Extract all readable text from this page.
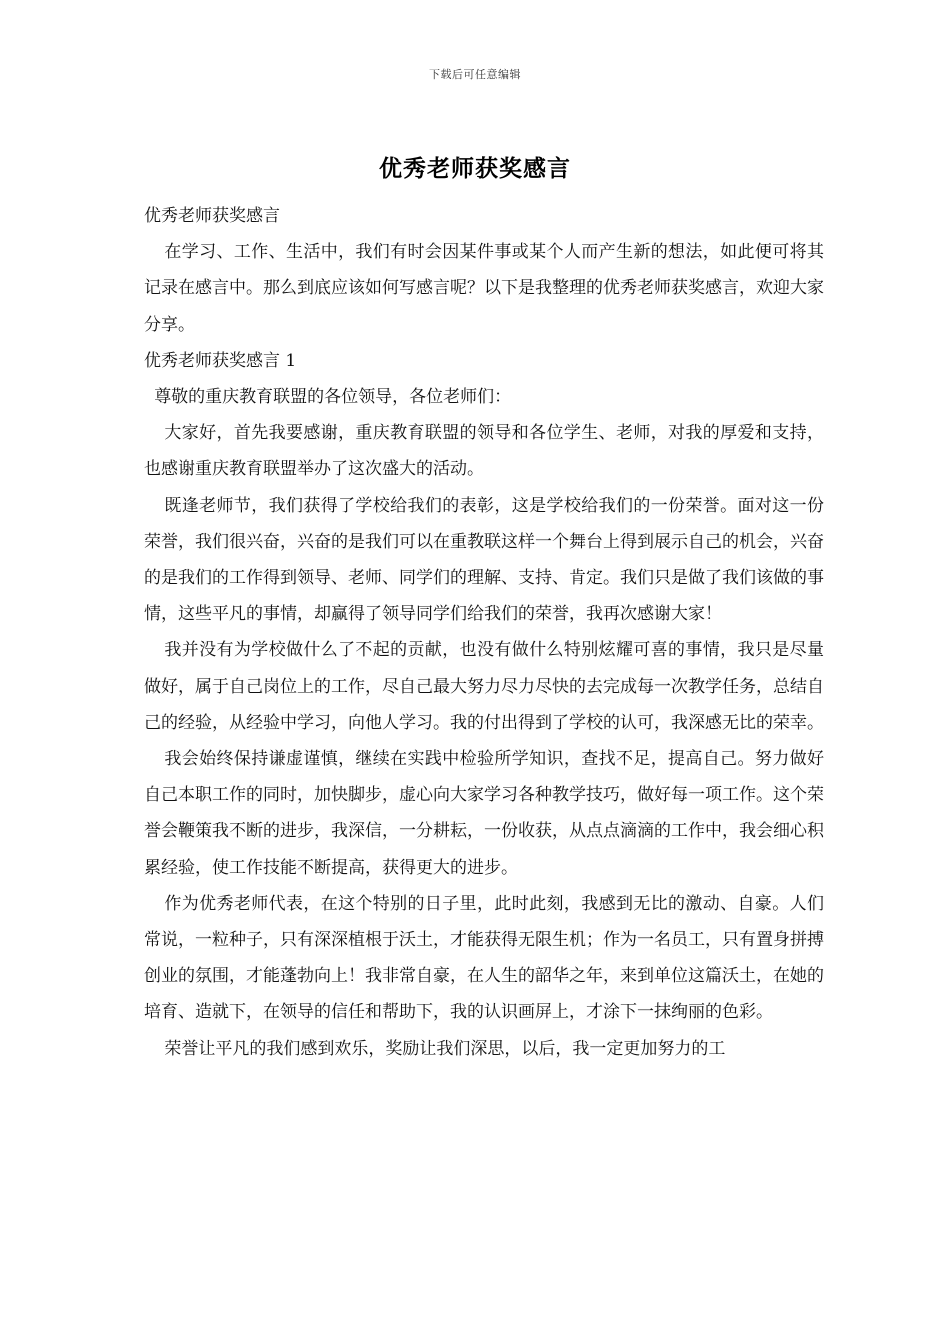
下载后可任意编辑
优秀老师获奖感言

优秀老师获奖感言

在学习、工作、生活中，我们有时会因某件事或某个人而产生新的想法，如此便可将其记录在感言中。那么到底应该如何写感言呢？以下是我整理的优秀老师获奖感言，欢迎大家分享。

优秀老师获奖感言 1

尊敬的重庆教育联盟的各位领导，各位老师们：

大家好，首先我要感谢，重庆教育联盟的领导和各位学生、老师，对我的厚爱和支持，也感谢重庆教育联盟举办了这次盛大的活动。

既逢老师节，我们获得了学校给我们的表彰，这是学校给我们的一份荣誉。面对这一份荣誉，我们很兴奋，兴奋的是我们可以在重教联这样一个舞台上得到展示自己的机会，兴奋的是我们的工作得到领导、老师、同学们的理解、支持、肯定。我们只是做了我们该做的事情，这些平凡的事情，却赢得了领导同学们给我们的荣誉，我再次感谢大家！

我并没有为学校做什么了不起的贡献，也没有做什么特别炫耀可喜的事情，我只是尽量做好，属于自己岗位上的工作，尽自己最大努力尽力尽快的去完成每一次教学任务，总结自己的经验，从经验中学习，向他人学习。我的付出得到了学校的认可，我深感无比的荣幸。

我会始终保持谦虚谨慎，继续在实践中检验所学知识，查找不足，提高自己。努力做好自己本职工作的同时，加快脚步，虚心向大家学习各种教学技巧，做好每一项工作。这个荣誉会鞭策我不断的进步，我深信，一分耕耘，一份收获，从点点滴滴的工作中，我会细心积累经验，使工作技能不断提高，获得更大的进步。

作为优秀老师代表，在这个特别的日子里，此时此刻，我感到无比的激动、自豪。人们常说，一粒种子，只有深深植根于沃土，才能获得无限生机；作为一名员工，只有置身拼搏创业的氛围，才能蓬勃向上！我非常自豪，在人生的韶华之年，来到单位这篇沃土，在她的培育、造就下，在领导的信任和帮助下，我的认识画屏上，才涂下一抹绚丽的色彩。

荣誉让平凡的我们感到欢乐，奖励让我们深思，以后，我一定更加努力的工
